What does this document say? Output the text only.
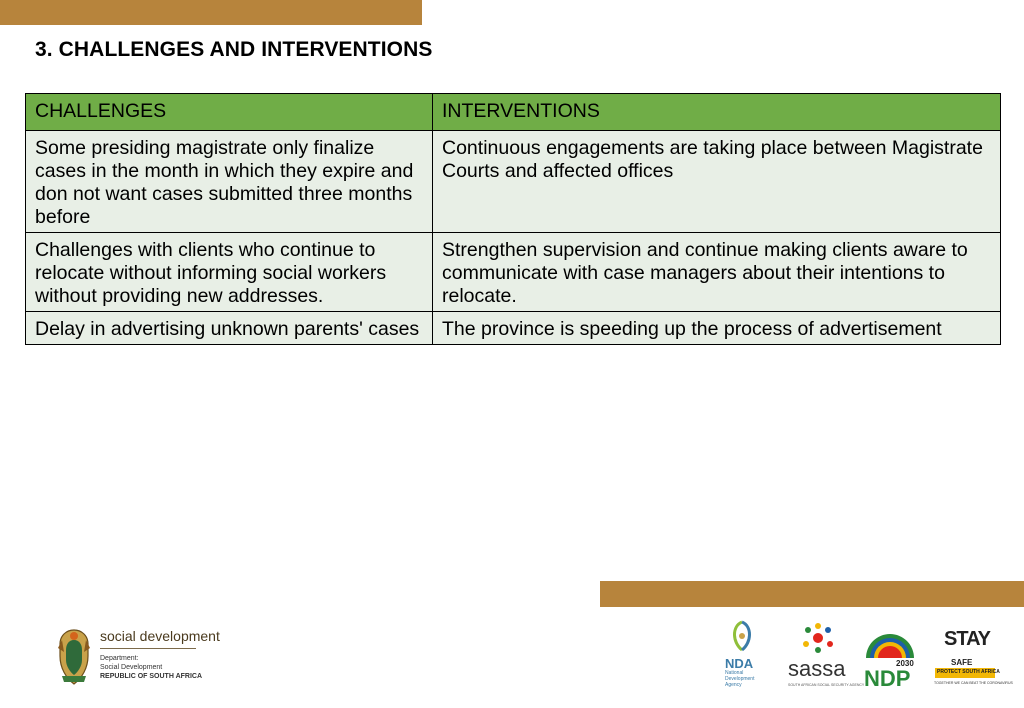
3. CHALLENGES AND INTERVENTIONS
CHALLENGES	INTERVENTIONS
Some presiding magistrate only finalize cases in the month in which they expire and don not want cases submitted three months before	Continuous engagements are taking place between Magistrate Courts and affected offices
Challenges with clients who continue to relocate without informing social workers without providing new addresses.	Strengthen supervision and continue making clients aware to communicate with case managers about their intentions to relocate.
Delay in advertising unknown parents' cases	The province is speeding up the process of advertisement
social development
Department:
Social Development
REPUBLIC OF SOUTH AFRICA
NDA
National
Development
Agency
sassa
SOUTH AFRICAN SOCIAL SECURITY AGENCY
2030
NDP
STAY
SAFE
PROTECT SOUTH AFRICA
TOGETHER WE CAN BEAT THE CORONAVIRUS
